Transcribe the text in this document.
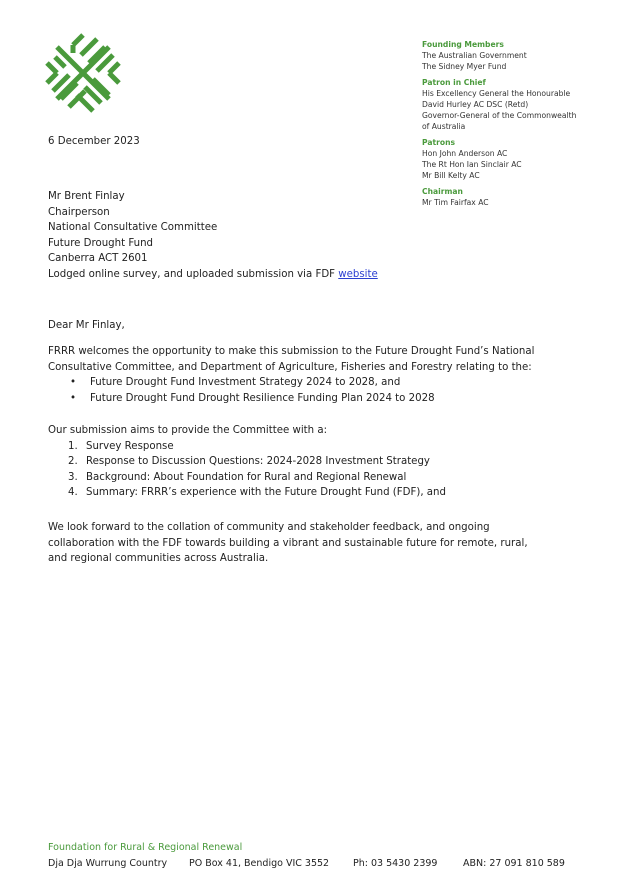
Founding Members
The Australian Government
The Sidney Myer Fund
Patron in Chief
His Excellency General the Honourable
David Hurley AC DSC (Retd)
Governor-General of the Commonwealth
of Australia
Patrons
Hon John Anderson AC
The Rt Hon Ian Sinclair AC
Mr Bill Kelty AC
Chairman
Mr Tim Fairfax AC
6 December 2023
Mr Brent Finlay
Chairperson
National Consultative Committee
Future Drought Fund
Canberra ACT 2601
Lodged online survey, and uploaded submission via FDF website
Dear Mr Finlay,
FRRR welcomes the opportunity to make this submission to the Future Drought Fund’s National
Consultative Committee, and Department of Agriculture, Fisheries and Forestry relating to the:
• Future Drought Fund Investment Strategy 2024 to 2028, and
• Future Drought Fund Drought Resilience Funding Plan 2024 to 2028
Our submission aims to provide the Committee with a:
1. Survey Response
2. Response to Discussion Questions: 2024-2028 Investment Strategy
3. Background: About Foundation for Rural and Regional Renewal
4. Summary: FRRR’s experience with the Future Drought Fund (FDF), and
We look forward to the collation of community and stakeholder feedback, and ongoing
collaboration with the FDF towards building a vibrant and sustainable future for remote, rural,
and regional communities across Australia.
Foundation for Rural & Regional Renewal
Dja Dja Wurrung Country	PO Box 41, Bendigo VIC 3552	Ph: 03 5430 2399	ABN: 27 091 810 589
